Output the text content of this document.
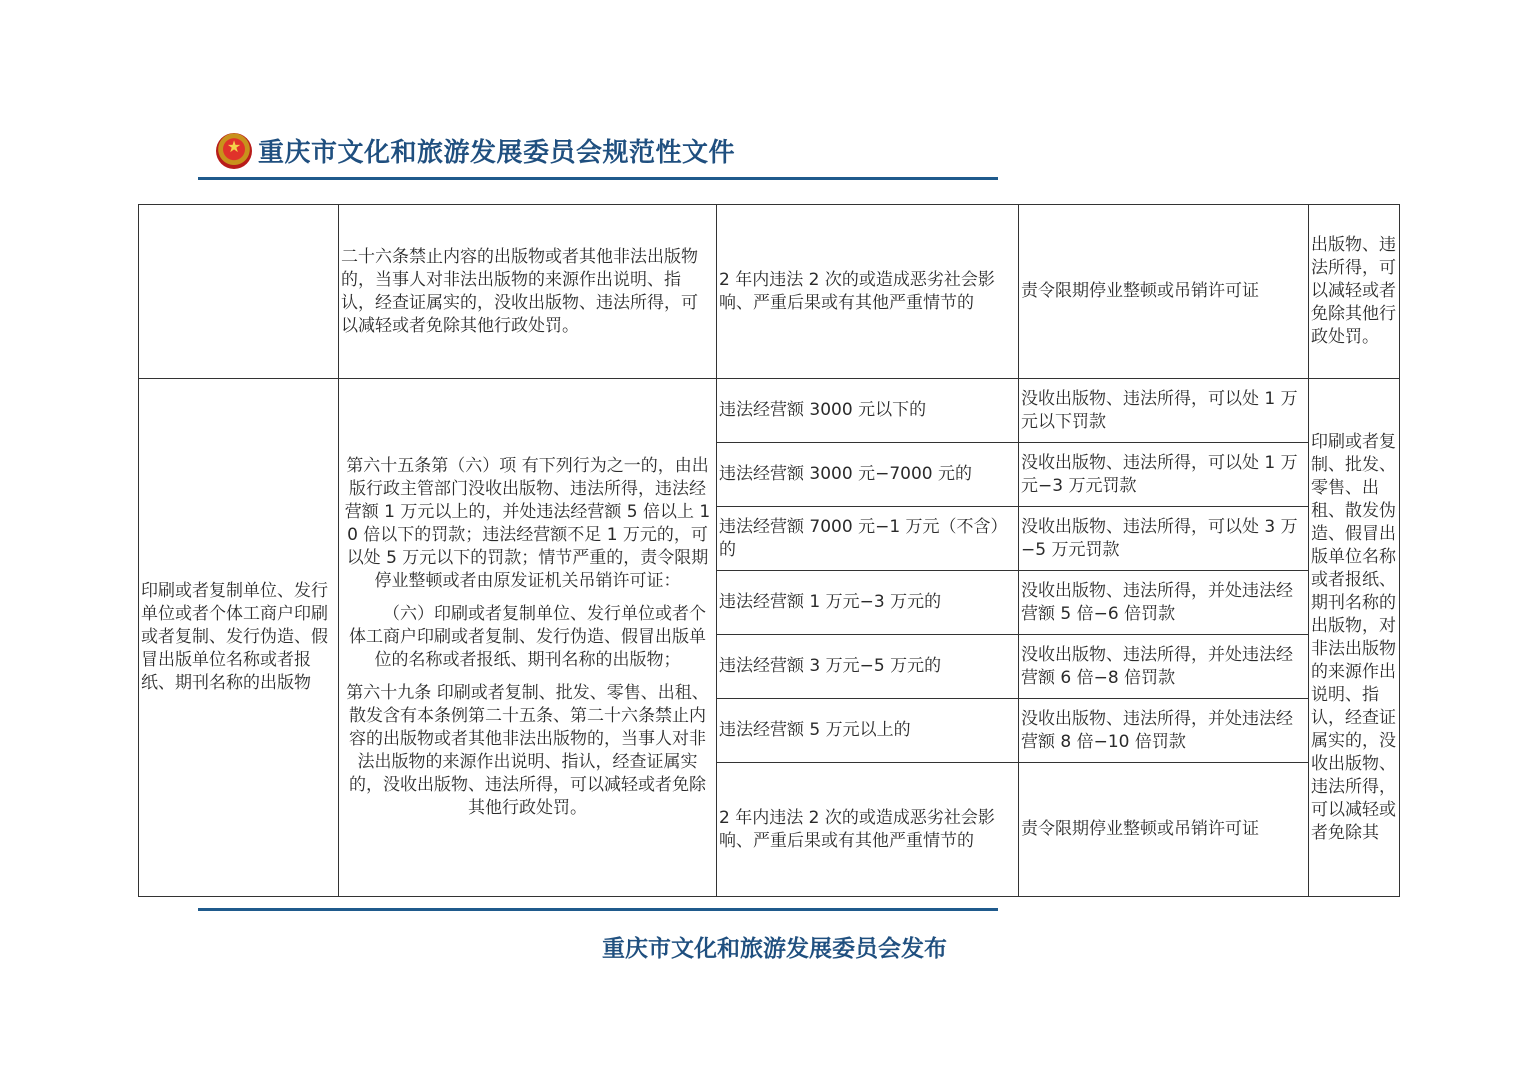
★
重庆市文化和旅游发展委员会规范性文件
	二十六条禁止内容的出版物或者其他非法出版物的，当事人对非法出版物的来源作出说明、指认，经查证属实的，没收出版物、违法所得，可以减轻或者免除其他行政处罚。	2 年内违法 2 次的或造成恶劣社会影响、严重后果或有其他严重情节的	责令限期停业整顿或吊销许可证	出版物、违法所得，可以减轻或者免除其他行政处罚。
印刷或者复制单位、发行单位或者个体工商户印刷或者复制、发行伪造、假冒出版单位名称或者报纸、期刊名称的出版物	第六十五条第（六）项 有下列行为之一的，由出版行政主管部门没收出版物、违法所得，违法经营额 1 万元以上的，并处违法经营额 5 倍以上 10 倍以下的罚款；违法经营额不足 1 万元的，可以处 5 万元以下的罚款；情节严重的，责令限期停业整顿或者由原发证机关吊销许可证：
（六）印刷或者复制单位、发行单位或者个体工商户印刷或者复制、发行伪造、假冒出版单位的名称或者报纸、期刊名称的出版物；
第六十九条 印刷或者复制、批发、零售、出租、散发含有本条例第二十五条、第二十六条禁止内容的出版物或者其他非法出版物的，当事人对非法出版物的来源作出说明、指认，经查证属实的，没收出版物、违法所得，可以减轻或者免除其他行政处罚。	违法经营额 3000 元以下的	没收出版物、违法所得，可以处 1 万元以下罚款	印刷或者复制、批发、零售、出租、散发伪造、假冒出版单位名称或者报纸、期刊名称的出版物，对非法出版物的来源作出说明、指认，经查证属实的，没收出版物、违法所得，可以减轻或者免除其
		违法经营额 3000 元−7000 元的	没收出版物、违法所得，可以处 1 万元−3 万元罚款	
		违法经营额 7000 元−1 万元（不含）的	没收出版物、违法所得，可以处 3 万−5 万元罚款	
		违法经营额 1 万元−3 万元的	没收出版物、违法所得，并处违法经营额 5 倍−6 倍罚款	
		违法经营额 3 万元−5 万元的	没收出版物、违法所得，并处违法经营额 6 倍−8 倍罚款	
		违法经营额 5 万元以上的	没收出版物、违法所得，并处违法经营额 8 倍−10 倍罚款	
		2 年内违法 2 次的或造成恶劣社会影响、严重后果或有其他严重情节的	责令限期停业整顿或吊销许可证	
重庆市文化和旅游发展委员会发布
